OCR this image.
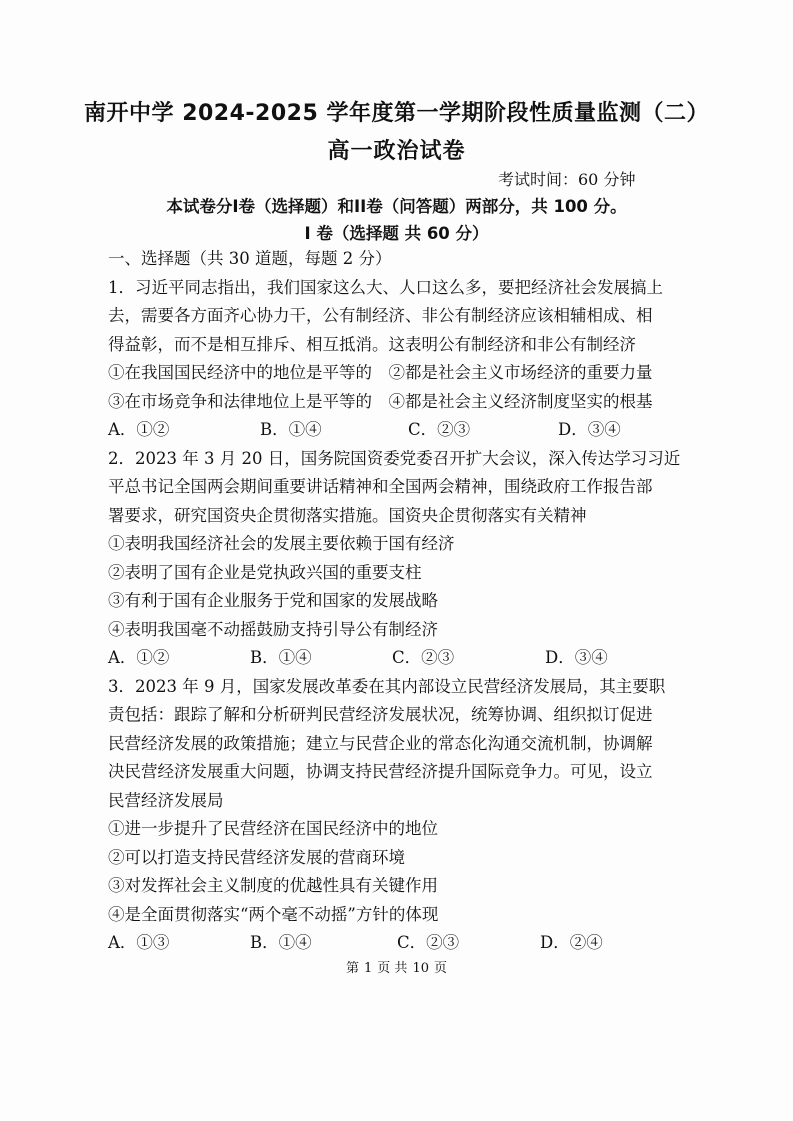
南开中学 2024-2025 学年度第一学期阶段性质量监测（二）
高一政治试卷
考试时间：60 分钟
本试卷分I卷（选择题）和II卷（问答题）两部分，共 100 分。
I 卷（选择题 共 60 分）
一、选择题（共 30 道题，每题 2 分）
1．习近平同志指出，我们国家这么大、人口这么多，要把经济社会发展搞上
去，需要各方面齐心协力干，公有制经济、非公有制经济应该相辅相成、相
得益彰，而不是相互排斥、相互抵消。这表明公有制经济和非公有制经济
①在我国国民经济中的地位是平等的　②都是社会主义市场经济的重要力量
③在市场竞争和法律地位上是平等的　④都是社会主义经济制度坚实的根基
A．①②	B．①④	C．②③	D．③④
2．2023 年 3 月 20 日，国务院国资委党委召开扩大会议，深入传达学习习近
平总书记全国两会期间重要讲话精神和全国两会精神，围绕政府工作报告部
署要求，研究国资央企贯彻落实措施。国资央企贯彻落实有关精神
①表明我国经济社会的发展主要依赖于国有经济
②表明了国有企业是党执政兴国的重要支柱
③有利于国有企业服务于党和国家的发展战略
④表明我国毫不动摇鼓励支持引导公有制经济
A．①②	B．①④	C．②③	D．③④
3．2023 年 9 月，国家发展改革委在其内部设立民营经济发展局，其主要职
责包括：跟踪了解和分析研判民营经济发展状况，统筹协调、组织拟订促进
民营经济发展的政策措施；建立与民营企业的常态化沟通交流机制，协调解
决民营经济发展重大问题，协调支持民营经济提升国际竞争力。可见，设立
民营经济发展局
①进一步提升了民营经济在国民经济中的地位
②可以打造支持民营经济发展的营商环境
③对发挥社会主义制度的优越性具有关键作用
④是全面贯彻落实“两个毫不动摇”方针的体现
A．①③	B．①④	C．②③	D．②④
第 1 页 共 10 页
